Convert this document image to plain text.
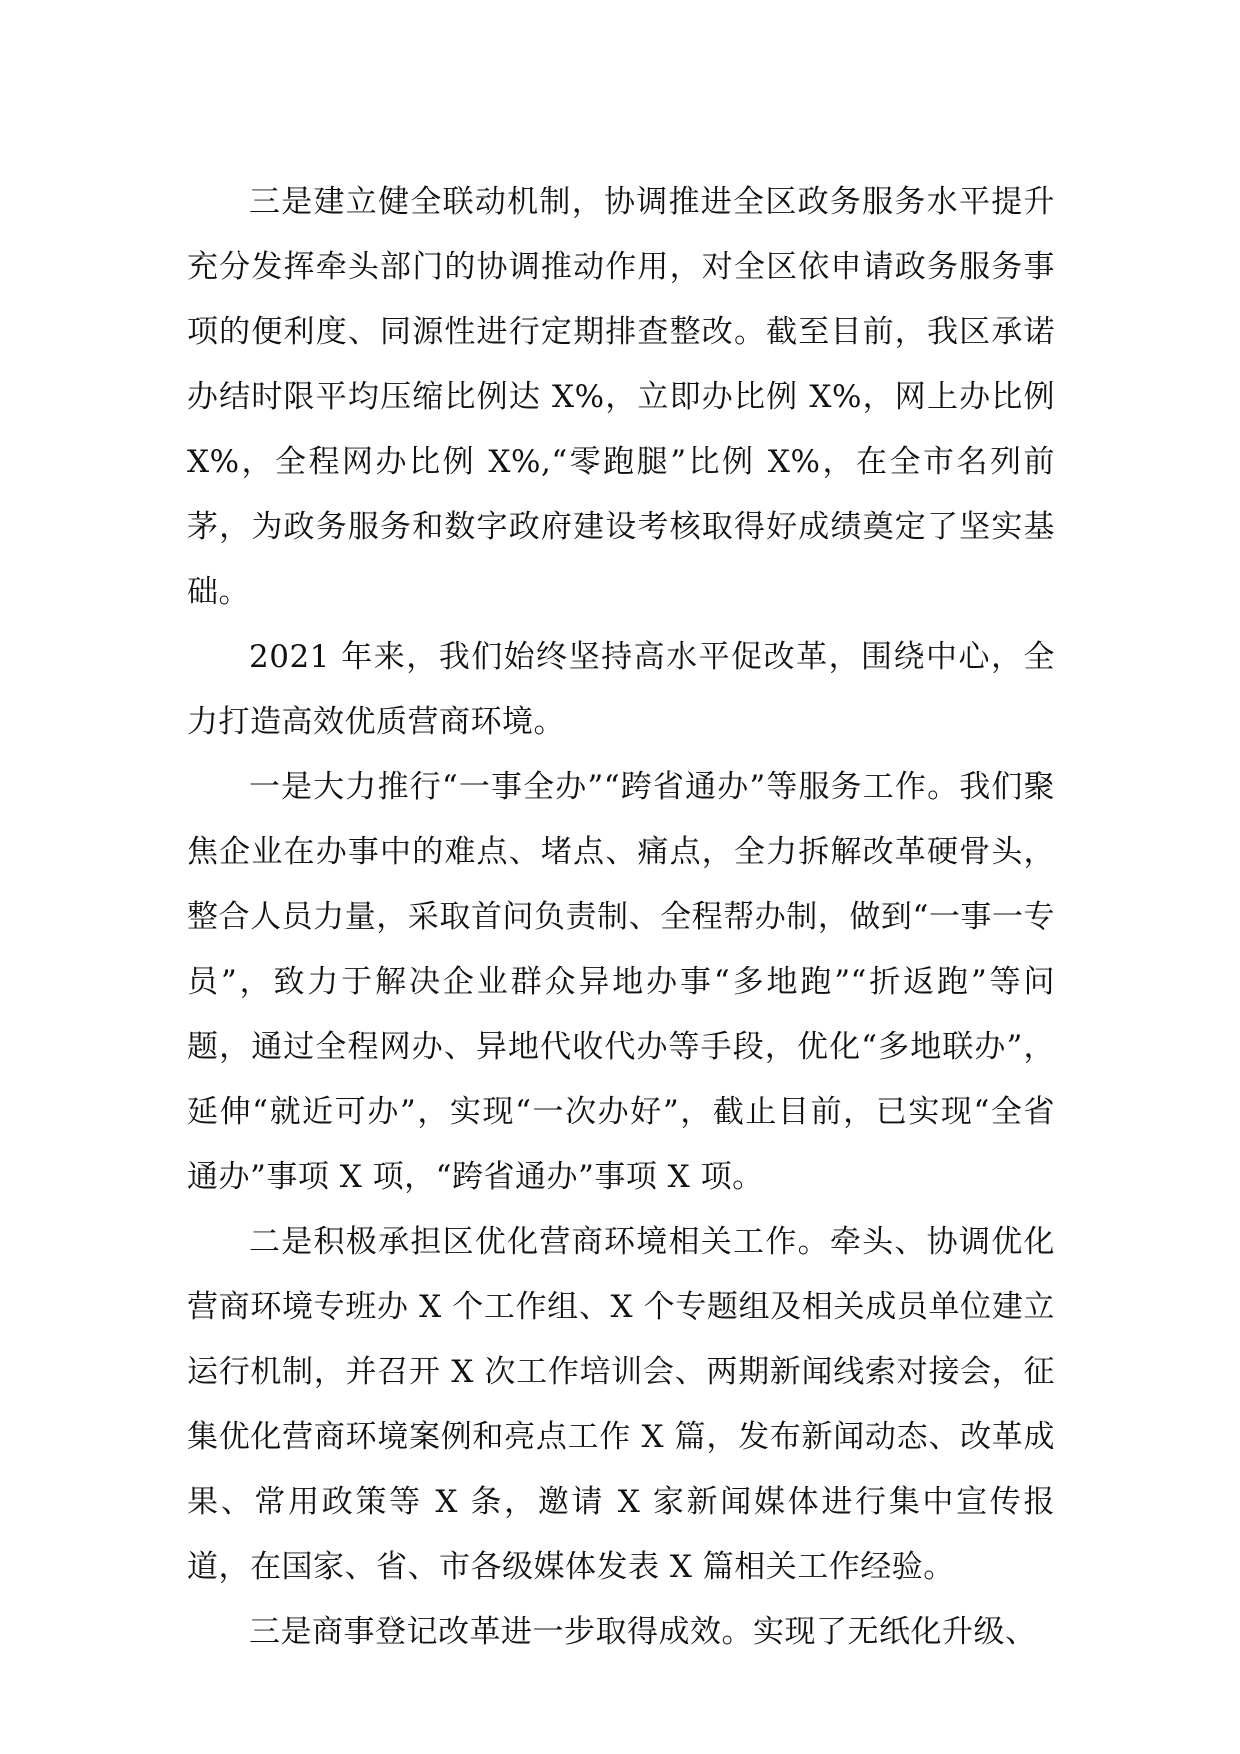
三是建立健全联动机制，协调推进全区政务服务水平提升充分发挥牵头部门的协调推动作用，对全区依申请政务服务事项的便利度、同源性进行定期排查整改。截至目前，我区承诺办结时限平均压缩比例达 X%，立即办比例 X%，网上办比例 X%，全程网办比例 X%,“零跑腿”比例 X%，在全市名列前茅，为政务服务和数字政府建设考核取得好成绩奠定了坚实基础。

2021 年来，我们始终坚持高水平促改革，围绕中心，全力打造高效优质营商环境。

一是大力推行“一事全办”“跨省通办”等服务工作。我们聚焦企业在办事中的难点、堵点、痛点，全力拆解改革硬骨头，整合人员力量，采取首问负责制、全程帮办制，做到“一事一专员”，致力于解决企业群众异地办事“多地跑”“折返跑”等问题，通过全程网办、异地代收代办等手段，优化“多地联办”，延伸“就近可办”，实现“一次办好”，截止目前，已实现“全省通办”事项 X 项，“跨省通办”事项 X 项。

二是积极承担区优化营商环境相关工作。牵头、协调优化营商环境专班办 X 个工作组、X 个专题组及相关成员单位建立运行机制，并召开 X 次工作培训会、两期新闻线索对接会，征集优化营商环境案例和亮点工作 X 篇，发布新闻动态、改革成果、常用政策等 X 条，邀请 X 家新闻媒体进行集中宣传报道，在国家、省、市各级媒体发表 X 篇相关工作经验。

三是商事登记改革进一步取得成效。实现了无纸化升级、
